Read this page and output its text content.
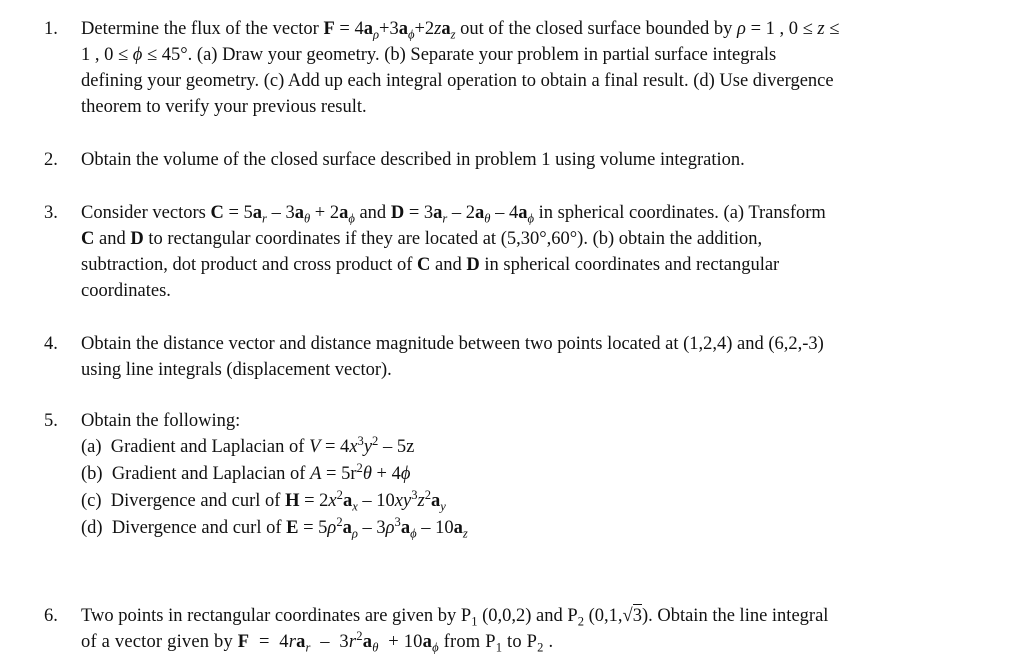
1. Determine the flux of the vector $F = 4a_\rho+3a_\phi+2za_z$ out of the closed surface bounded by ρ = 1 , 0 ≤ z ≤
1 , 0 ≤ ϕ ≤ 45°. (a) Draw your geometry. (b) Separate your problem in partial surface integrals
defining your geometry. (c) Add up each integral operation to obtain a final result. (d) Use divergence
theorem to verify your previous result.
2. Obtain the volume of the closed surface described in problem 1 using volume integration.
3. Consider vectors $C = 5a_r - 3a_\theta + 2a_\phi$ and $D = 3a_r - 2a_\theta - 4a_\phi$ in spherical coordinates. (a) Transform
C and D to rectangular coordinates if they are located at (5,30°,60°). (b) obtain the addition,
subtraction, dot product and cross product of C and D in spherical coordinates and rectangular
coordinates.
4. Obtain the distance vector and distance magnitude between two points located at (1,2,4) and (6,2,-3)
using line integrals (displacement vector).
5. Obtain the following:
(a)  Gradient and Laplacian of $V = 4x^3y^2 - 5z$
(b)  Gradient and Laplacian of $A = 5r^2\theta + 4\phi$
(c)  Divergence and curl of $H = 2x^2a_x - 10xy^3z^2a_y$
(d)  Divergence and curl of $E = 5\rho^2a_\rho - 3\rho^3a_\phi - 10a_z$
6. Two points in rectangular coordinates are given by $P_1$ (0,0,2) and $P_2$ (0,1,√3). Obtain the line integral
of a vector given by $F = 4ra_r - 3r^2a_\theta + 10a_\phi$ from $P_1$ to $P_2$ .
